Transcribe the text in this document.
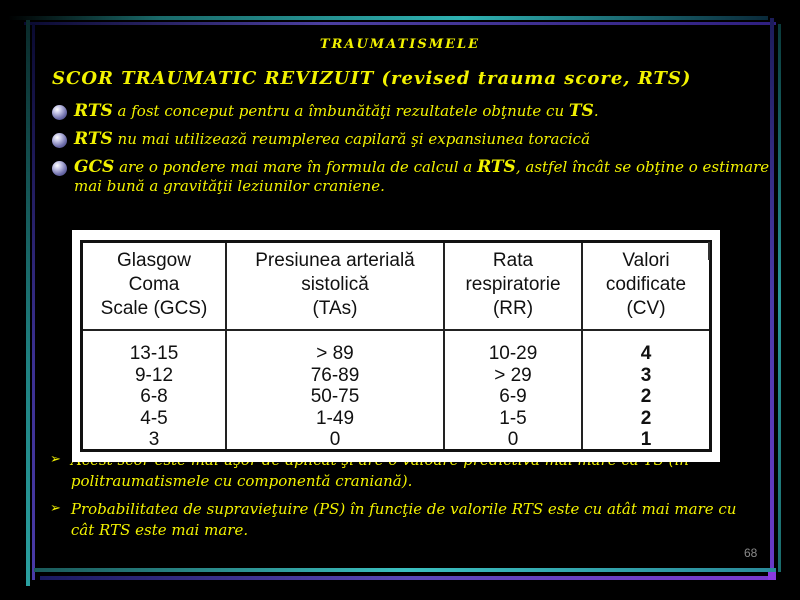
TRAUMATISMELE
SCOR TRAUMATIC REVIZUIT (revised trauma score, RTS)
RTS a fost conceput pentru a îmbunătăţi rezultatele obţnute cu TS.
RTS nu mai utilizează reumplerea capilară şi expansiunea toracică
GCS are o pondere mai mare în formula de calcul a RTS, astfel încât se obţine o estimare mai bună a gravităţii leziunilor craniene.
➢
politraumatismele cu componentă craniană).
➢ Probabilitatea de supravieţuire (PS) în funcţie de valorile RTS este cu atât mai mare cu cât RTS este mai mare.
Glasgow
Coma
Scale (GCS)
13-15
9-12
6-8
4-5
3
Presiunea arterială
sistolică
(TAs)
> 89
76-89
50-75
1-49
0
Rata
respiratorie
(RR)
10-29
> 29
6-9
1-5
0
Valori
codificate
(CV)
4
3
2
2
1
68
